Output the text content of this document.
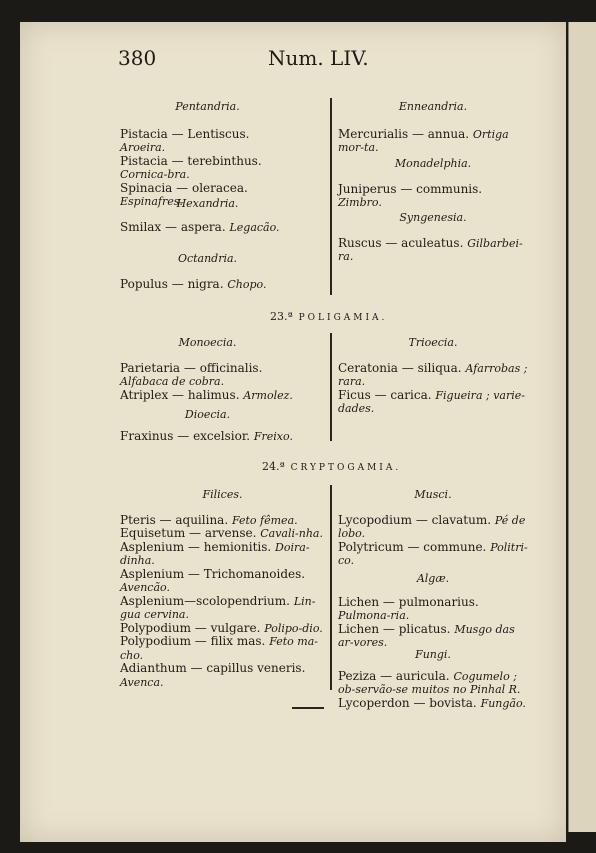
380	Num. LIV.
Pentandria.
Pistacia — Lentiscus. Aroeira.
Pistacia — terebinthus. Cornica-bra.
Spinacia — oleracea. Espinafres.
Hexandria.
Smilax — aspera. Legacão.
Octandria.
Populus — nigra. Chopo.
Enneandria.
Mercurialis — annua. Ortiga mor-ta.
Monadelphia.
Juniperus — communis. Zimbro.
Syngenesia.
Ruscus — aculeatus. Gilbarbei-ra.
23.ª POLIGAMIA.
Monoecia.
Parietaria — officinalis. Alfabaca de cobra.
Atriplex — halimus. Armolez.
Dioecia.
Fraxinus — excelsior. Freixo.
Trioecia.
Ceratonia — siliqua. Afarrobas ; rara.
Ficus — carica. Figueira ; varie-dades.
24.ª CRYPTOGAMIA.
Filices.
Pteris — aquilina. Feto fêmea.
Equisetum — arvense. Cavali-nha.
Asplenium — hemionitis. Doira-dinha.
Asplenium — Trichomanoides. Avencão.
Asplenium—scolopendrium. Lin-gua cervina.
Polypodium — vulgare. Polipo-dio.
Polypodium — filix mas. Feto ma-cho.
Adianthum — capillus veneris. Avenca.
Musci.
Lycopodium — clavatum. Pé de lobo.
Polytricum — commune. Politri-co.
Algæ.
Lichen — pulmonarius. Pulmona-ria.
Lichen — plicatus. Musgo das ar-vores.
Fungi.
Peziza — auricula. Cogumelo ; ob-servão-se muitos no Pinhal R.
Lycoperdon — bovista. Fungão.
